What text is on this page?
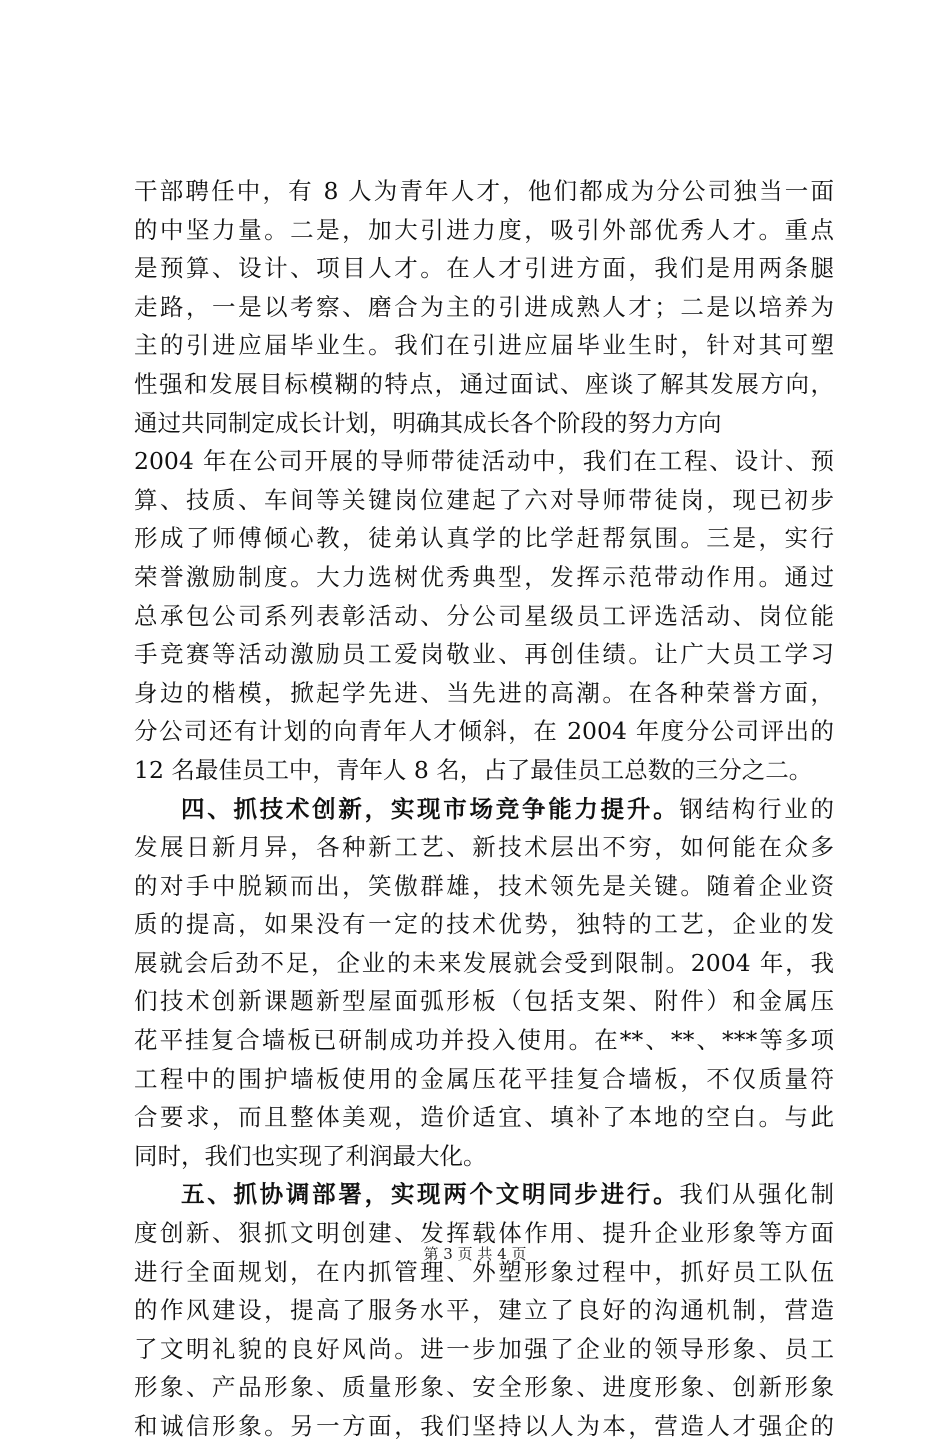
干部聘任中，有 8 人为青年人才，他们都成为分公司独当一面
的中坚力量。二是，加大引进力度，吸引外部优秀人才。重点
是预算、设计、项目人才。在人才引进方面，我们是用两条腿
走路，一是以考察、磨合为主的引进成熟人才；二是以培养为
主的引进应届毕业生。我们在引进应届毕业生时，针对其可塑
性强和发展目标模糊的特点，通过面试、座谈了解其发展方向，
通过共同制定成长计划，明确其成长各个阶段的努力方向
2004 年在公司开展的导师带徒活动中，我们在工程、设计、预
算、技质、车间等关键岗位建起了六对导师带徒岗，现已初步
形成了师傅倾心教，徒弟认真学的比学赶帮氛围。三是，实行
荣誉激励制度。大力选树优秀典型，发挥示范带动作用。通过
总承包公司系列表彰活动、分公司星级员工评选活动、岗位能
手竞赛等活动激励员工爱岗敬业、再创佳绩。让广大员工学习
身边的楷模，掀起学先进、当先进的高潮。在各种荣誉方面，
分公司还有计划的向青年人才倾斜，在 2004 年度分公司评出的
12 名最佳员工中，青年人 8 名，占了最佳员工总数的三分之二。
四、抓技术创新，实现市场竞争能力提升。钢结构行业的
发展日新月异，各种新工艺、新技术层出不穷，如何能在众多
的对手中脱颖而出，笑傲群雄，技术领先是关键。随着企业资
质的提高，如果没有一定的技术优势，独特的工艺，企业的发
展就会后劲不足，企业的未来发展就会受到限制。2004 年，我
们技术创新课题新型屋面弧形板（包括支架、附件）和金属压
花平挂复合墙板已研制成功并投入使用。在**、**、***等多项
工程中的围护墙板使用的金属压花平挂复合墙板，不仅质量符
合要求，而且整体美观，造价适宜、填补了本地的空白。与此
同时，我们也实现了利润最大化。
五、抓协调部署，实现两个文明同步进行。我们从强化制
度创新、狠抓文明创建、发挥载体作用、提升企业形象等方面
进行全面规划，在内抓管理、外塑形象过程中，抓好员工队伍
的作风建设，提高了服务水平，建立了良好的沟通机制，营造
了文明礼貌的良好风尚。进一步加强了企业的领导形象、员工
形象、产品形象、质量形象、安全形象、进度形象、创新形象
和诚信形象。另一方面，我们坚持以人为本，营造人才强企的
第 3 页 共 4 页
